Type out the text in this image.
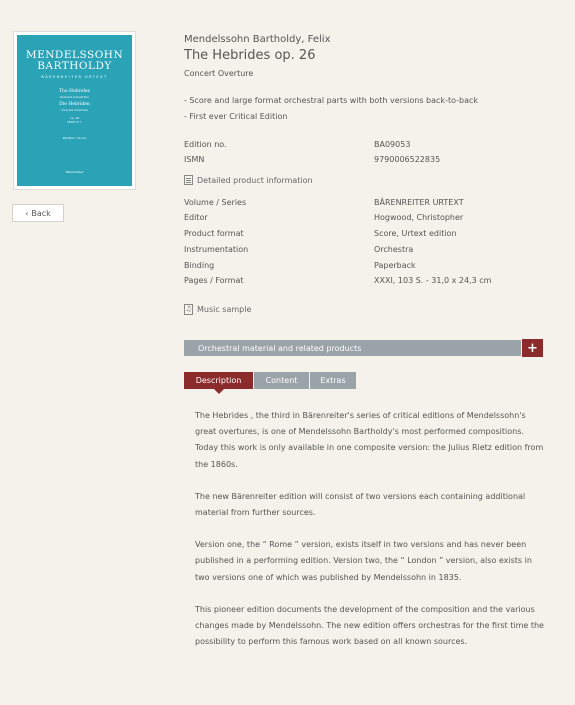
MENDELSSOHN
BARTHOLDY
BÄRENREITER URTEXT
The Hebrides
Konzert-Ouvertüre
Die Hebriden
Concert Overture
op. 26
MWV P 7
Partitur / Score
Bärenreiter
‹ Back
Mendelssohn Bartholdy, Felix
The Hebrides op. 26
Concert Overture
- Score and large format orchestral parts with both versions back-to-back
- First ever Critical Edition
Edition no.	BA09053
ISMN	9790006522835
Detailed product information
Volume / Series	BÄRENREITER URTEXT
Editor	Hogwood, Christopher
Product format	Score, Urtext edition
Instrumentation	Orchestra
Binding	Paperback
Pages / Format	XXXI, 103 S. - 31,0 x 24,3 cm
♫ Music sample
Orchestral material and related products	+
Description	Content	Extras

The Hebrides , the third in Bärenreiter's series of critical editions of Mendelssohn's great overtures, is one of Mendelssohn Bartholdy's most performed compositions. Today this work is only available in one composite version: the Julius Rietz edition from the 1860s.

The new Bärenreiter edition will consist of two versions each containing additional material from further sources.

Version one, the “ Rome ” version, exists itself in two versions and has never been published in a performing edition. Version two, the “ London ” version, also exists in two versions one of which was published by Mendelssohn in 1835.

This pioneer edition documents the development of the composition and the various changes made by Mendelssohn. The new edition offers orchestras for the first time the possibility to perform this famous work based on all known sources.
